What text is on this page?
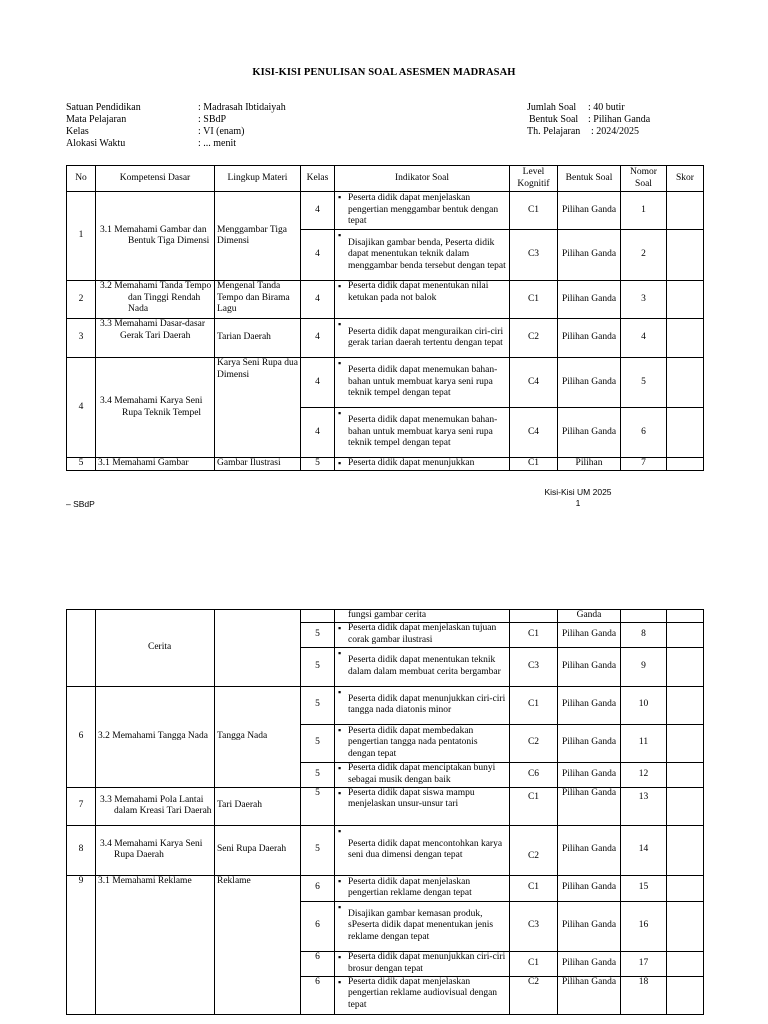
KISI-KISI PENULISAN SOAL ASESMEN MADRASAH
Satuan Pendidikan	: Madrasah Ibtidaiyah
Mata Pelajaran	: SBdP
Kelas	: VI (enam)
Alokasi Waktu	: ... menit
Jumlah Soal : 40 butir
Bentuk Soal : Pilihan Ganda
Th. Pelajaran : 2024/2025
No	Kompetensi Dasar	Lingkup Materi	Kelas	Indikator Soal	Level Kognitif	Bentuk Soal	Nomor Soal	Skor
1	3.1 Memahami Gambar dan Bentuk Tiga Dimensi	Menggambar Tiga Dimensi	4	▪ Peserta didik dapat menjelaskan pengertian menggambar bentuk dengan tepat	C1	Pilihan Ganda	1	
			4	▪ Disajikan gambar benda, Peserta didik dapat menentukan teknik dalam menggambar benda tersebut dengan tepat	C3	Pilihan Ganda	2	
2	3.2 Memahami Tanda Tempo dan Tinggi Rendah Nada	Mengenal Tanda Tempo dan Birama Lagu	4	▪ Peserta didik dapat menentukan nilai ketukan pada not balok	C1	Pilihan Ganda	3	
3	3.3 Memahami Dasar-dasar Gerak Tari Daerah	Tarian Daerah	4	▪ Peserta didik dapat menguraikan ciri-ciri gerak tarian daerah tertentu dengan tepat	C2	Pilihan Ganda	4	
4	3.4 Memahami Karya Seni Rupa Teknik Tempel	Karya Seni Rupa dua Dimensi	4	▪ Peserta didik dapat menemukan bahan-bahan untuk membuat karya seni rupa teknik tempel dengan tepat	C4	Pilihan Ganda	5	
			4	▪ Peserta didik dapat menemukan bahan-bahan untuk membuat karya seni rupa teknik tempel dengan tepat	C4	Pilihan Ganda	6	
5	3.1 Memahami Gambar	Gambar Ilustrasi	5	▪ Peserta didik dapat menunjukkan	C1	Pilihan	7	
Kisi-Kisi UM 2025
1
– SBdP
	Cerita			fungsi gambar cerita		Ganda		
			5	▪ Peserta didik dapat menjelaskan tujuan corak gambar ilustrasi	C1	Pilihan Ganda	8	
			5	▪ Peserta didik dapat menentukan teknik dalam dalam membuat cerita bergambar	C3	Pilihan Ganda	9	
6	3.2 Memahami Tangga Nada	Tangga Nada	5	▪ Peserta didik dapat menunjukkan ciri-ciri tangga nada diatonis minor	C1	Pilihan Ganda	10	
			5	▪ Peserta didik dapat membedakan pengertian tangga nada pentatonis dengan tepat	C2	Pilihan Ganda	11	
			5	▪ Peserta didik dapat menciptakan bunyi sebagai musik dengan baik	C6	Pilihan Ganda	12	
7	3.3 Memahami Pola Lantai dalam Kreasi Tari Daerah	Tari Daerah	5	▪ Peserta didik dapat siswa mampu menjelaskan unsur-unsur tari	C1	Pilihan Ganda	13	
8	3.4 Memahami Karya Seni Rupa Daerah	Seni Rupa Daerah	5	▪ Peserta didik dapat mencontohkan karya seni dua dimensi dengan tepat	C2	Pilihan Ganda	14	
9	3.1 Memahami Reklame	Reklame	6	▪ Peserta didik dapat menjelaskan pengertian reklame dengan tepat	C1	Pilihan Ganda	15	
			6	▪ Disajikan gambar kemasan produk, sPeserta didik dapat menentukan jenis reklame dengan tepat	C3	Pilihan Ganda	16	
			6	▪ Peserta didik dapat menunjukkan ciri-ciri brosur dengan tepat	C1	Pilihan Ganda	17	
			6	▪ Peserta didik dapat menjelaskan pengertian reklame audiovisual dengan tepat	C2	Pilihan Ganda	18	
